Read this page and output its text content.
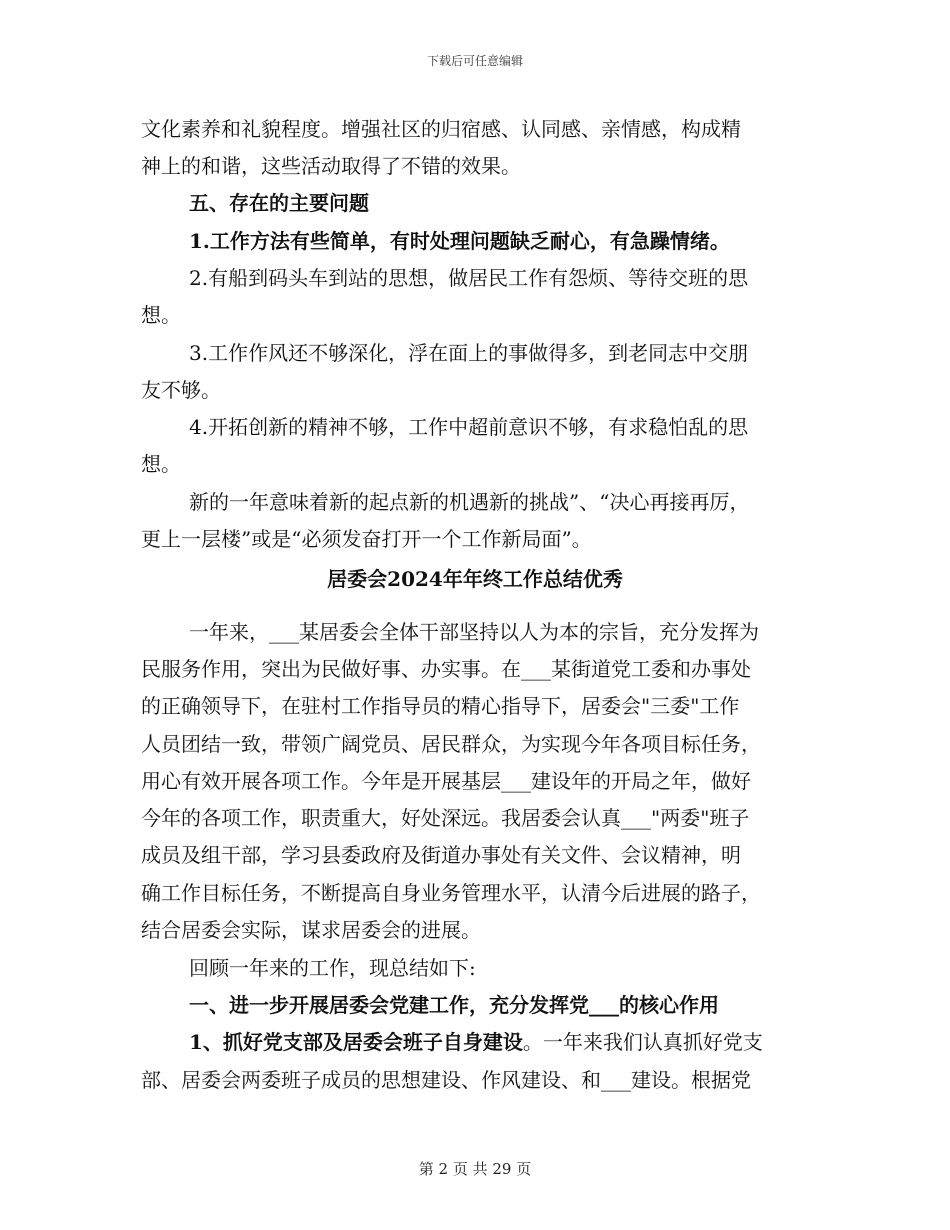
下载后可任意编辑
文化素养和礼貌程度。增强社区的归宿感、认同感、亲情感，构成精
神上的和谐，这些活动取得了不错的效果。
五、存在的主要问题
1.工作方法有些简单，有时处理问题缺乏耐心，有急躁情绪。
2.有船到码头车到站的思想，做居民工作有怨烦、等待交班的思
想。
3.工作作风还不够深化，浮在面上的事做得多，到老同志中交朋
友不够。
4.开拓创新的精神不够，工作中超前意识不够，有求稳怕乱的思
想。
新的一年意味着新的起点新的机遇新的挑战”、“决心再接再厉，
更上一层楼”或是“必须发奋打开一个工作新局面”。
居委会2024年年终工作总结优秀
一年来，___某居委会全体干部坚持以人为本的宗旨，充分发挥为
民服务作用，突出为民做好事、办实事。在___某街道党工委和办事处
的正确领导下，在驻村工作指导员的精心指导下，居委会"三委"工作
人员团结一致，带领广阔党员、居民群众，为实现今年各项目标任务，
用心有效开展各项工作。今年是开展基层___建设年的开局之年，做好
今年的各项工作，职责重大，好处深远。我居委会认真___"两委"班子
成员及组干部，学习县委政府及街道办事处有关文件、会议精神，明
确工作目标任务，不断提高自身业务管理水平，认清今后进展的路子，
结合居委会实际，谋求居委会的进展。
回顾一年来的工作，现总结如下:
一、进一步开展居委会党建工作，充分发挥党___的核心作用
1、抓好党支部及居委会班子自身建设。一年来我们认真抓好党支
部、居委会两委班子成员的思想建设、作风建设、和___建设。根据党
第 2 页 共 29 页
